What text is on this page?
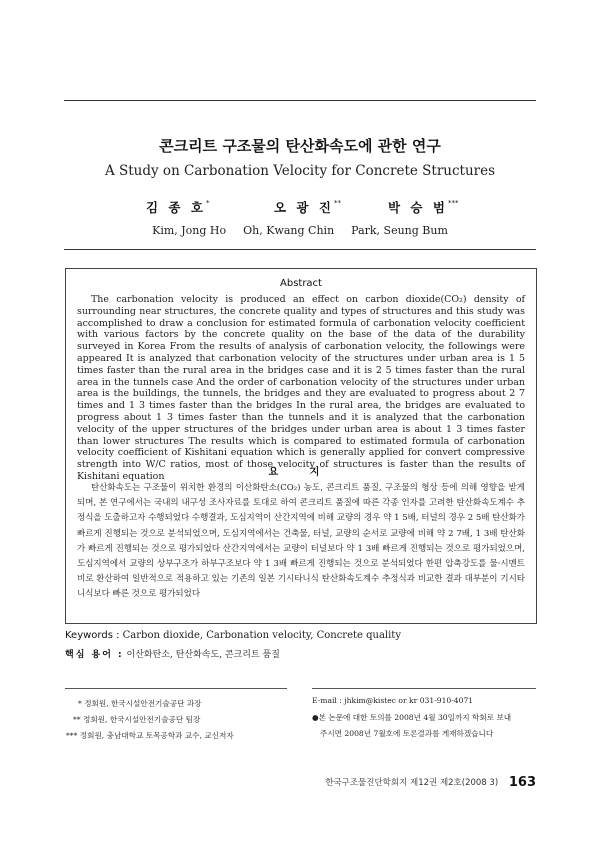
콘크리트 구조물의 탄산화속도에 관한 연구
A Study on Carbonation Velocity for Concrete Structures
김 종 호*	오 광 진**	박 승 범***
Kim, Jong Ho Oh, Kwang Chin Park, Seung Bum
Abstract
The carbonation velocity is produced an effect on carbon dioxide(CO₂) density of surrounding near structures, the concrete quality and types of structures and this study was accomplished to draw a conclusion for estimated formula of carbonation velocity coefficient with various factors by the concrete quality on the base of the data of the durability surveyed in Korea From the results of analysis of carbonation velocity, the followings were appeared It is analyzed that carbonation velocity of the structures under urban area is 1 5 times faster than the rural area in the bridges case and it is 2 5 times faster than the rural area in the tunnels case And the order of carbonation velocity of the structures under urban area is the buildings, the tunnels, the bridges and they are evaluated to progress about 2 7 times and 1 3 times faster than the bridges In the rural area, the bridges are evaluated to progress about 1 3 times faster than the tunnels and it is analyzed that the carbonation velocity of the upper structures of the bridges under urban area is about 1 3 times faster than lower structures The results which is compared to estimated formula of carbonation velocity coefficient of Kishitani equation which is generally applied for convert compressive strength into W/C ratios, most of those velocity of structures is faster than the results of Kishitani equation	요 지
탄산화속도는 구조물이 위치한 환경의 이산화탄소(CO₂) 농도, 콘크리트 품질, 구조물의 형상 등에 의해 영향을 받게 되며, 본 연구에서는 국내의 내구성 조사자료를 토대로 하여 콘크리트 품질에 따른 각종 인자를 고려한 탄산화속도계수 추정식을 도출하고자 수행되었다 수행결과, 도심지역이 산간지역에 비해 교량의 경우 약 1 5배, 터널의 경우 2 5배 탄산화가 빠르게 진행되는 것으로 분석되었으며, 도심지역에서는 건축물, 터널, 교량의 순서로 교량에 비해 약 2 7배, 1 3배 탄산화가 빠르게 진행되는 것으로 평가되었다 산간지역에서는 교량이 터널보다 약 1 3배 빠르게 진행되는 것으로 평가되었으며, 도심지역에서 교량의 상부구조가 하부구조보다 약 1 3배 빠르게 진행되는 것으로 분석되었다 한편 압축강도를 물·시멘트비로 환산하여 일반적으로 적용하고 있는 기존의 일본 기시타니식 탄산화속도계수 추정식과 비교한 결과 대부분이 기시타니식보다 빠른 것으로 평가되었다
Keywords : Carbon dioxide, Carbonation velocity, Concrete quality
핵심 용어 : 이산화탄소, 탄산화속도, 콘크리트 품질
* 정회원, 한국시설안전기술공단 과장
** 정회원, 한국시설안전기술공단 팀장
*** 정회원, 충남대학교 토목공학과 교수, 교신저자
E-mail : jhkim@kistec or kr 031-910-4071
●본 논문에 대한 토의를 2008년 4월 30일까지 학회로 보내
주시면 2008년 7월호에 토론결과를 게재하겠습니다
한국구조물진단학회지 제12권 제2호(2008 3) 163
